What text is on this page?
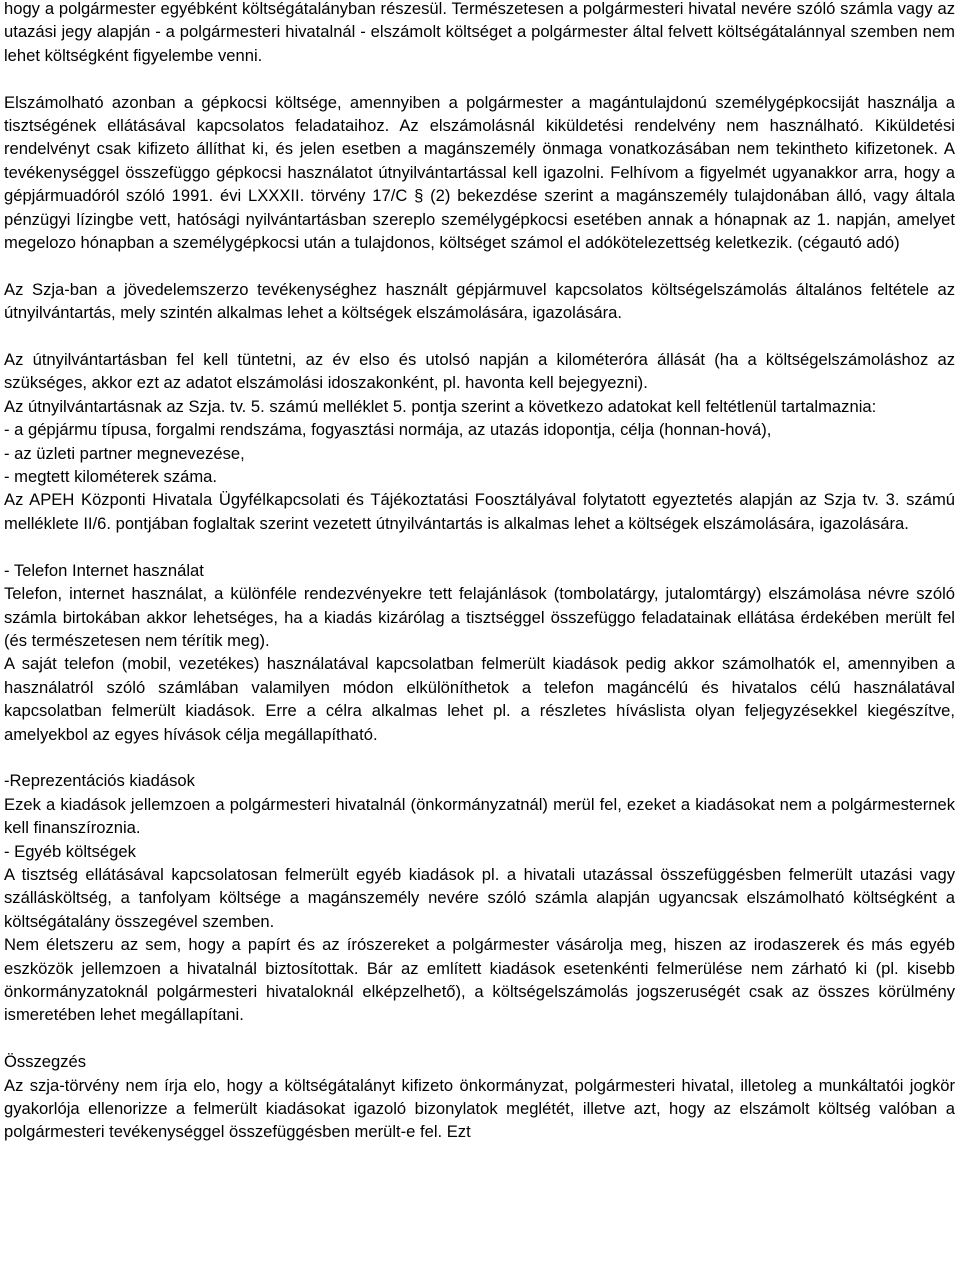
hogy a polgármester egyébként költségátalányban részesül. Természetesen a polgármesteri hivatal nevére szóló számla vagy az utazási jegy alapján - a polgármesteri hivatalnál - elszámolt költséget a polgármester által felvett költségátalánnyal szemben nem lehet költségként figyelembe venni.

Elszámolható azonban a gépkocsi költsége, amennyiben a polgármester a magántulajdonú személygépkocsiját használja a tisztségének ellátásával kapcsolatos feladataihoz. Az elszámolásnál kiküldetési rendelvény nem használható. Kiküldetési rendelvényt csak kifizeto állíthat ki, és jelen esetben a magánszemély önmaga vonatkozásában nem tekintheto kifizetonek. A tevékenységgel összefüggo gépkocsi használatot útnyilvántartással kell igazolni. Felhívom a figyelmét ugyanakkor arra, hogy a gépjármuadóról szóló 1991. évi LXXXII. törvény 17/C § (2) bekezdése szerint a magánszemély tulajdonában álló, vagy általa pénzügyi lízingbe vett, hatósági nyilvántartásban szereplo személygépkocsi esetében annak a hónapnak az 1. napján, amelyet megelozo hónapban a személygépkocsi után a tulajdonos, költséget számol el adókötelezettség keletkezik. (cégautó adó)

Az Szja-ban a jövedelemszerzo tevékenységhez használt gépjármuvel kapcsolatos költségelszámolás általános feltétele az útnyilvántartás, mely szintén alkalmas lehet a költségek elszámolására, igazolására.

Az útnyilvántartásban fel kell tüntetni, az év elso és utolsó napján a kilométeróra állását (ha a költségelszámoláshoz az szükséges, akkor ezt az adatot elszámolási idoszakonként, pl. havonta kell bejegyezni).

Az útnyilvántartásnak az Szja. tv. 5. számú melléklet 5. pontja szerint a következo adatokat kell feltétlenül tartalmaznia:

- a gépjármu típusa, forgalmi rendszáma, fogyasztási normája, az utazás idopontja, célja (honnan-hová),

- az üzleti partner megnevezése,

- megtett kilométerek száma.

Az APEH Központi Hivatala Ügyfélkapcsolati és Tájékoztatási Foosztályával folytatott egyeztetés alapján az Szja tv. 3. számú melléklete II/6. pontjában foglaltak szerint vezetett útnyilvántartás is alkalmas lehet a költségek elszámolására, igazolására.

- Telefon Internet használat

Telefon, internet használat, a különféle rendezvényekre tett felajánlások (tombolatárgy, jutalomtárgy) elszámolása névre szóló számla birtokában akkor lehetséges, ha a kiadás kizárólag a tisztséggel összefüggo feladatainak ellátása érdekében merült fel (és természetesen nem térítik meg).

A saját telefon (mobil, vezetékes) használatával kapcsolatban felmerült kiadások pedig akkor számolhatók el, amennyiben a használatról szóló számlában valamilyen módon elkülöníthetok a telefon magáncélú és hivatalos célú használatával kapcsolatban felmerült kiadások. Erre a célra alkalmas lehet pl. a részletes híváslista olyan feljegyzésekkel kiegészítve, amelyekbol az egyes hívások célja megállapítható.

-Reprezentációs kiadások

Ezek a kiadások jellemzoen a polgármesteri hivatalnál (önkormányzatnál) merül fel, ezeket a kiadásokat nem a polgármesternek kell finanszíroznia.

- Egyéb költségek

A tisztség ellátásával kapcsolatosan felmerült egyéb kiadások pl. a hivatali utazással összefüggésben felmerült utazási vagy szállásköltség, a tanfolyam költsége a magánszemély nevére szóló számla alapján ugyancsak elszámolható költségként a költségátalány összegével szemben.

Nem életszeru az sem, hogy a papírt és az írószereket a polgármester vásárolja meg, hiszen az irodaszerek és más egyéb eszközök jellemzoen a hivatalnál biztosítottak. Bár az említett kiadások esetenkénti felmerülése nem zárható ki (pl. kisebb önkormányzatoknál polgármesteri hivataloknál elképzelhető), a költségelszámolás jogszeruségét csak az összes körülmény ismeretében lehet megállapítani.

Összegzés

Az szja-törvény nem írja elo, hogy a költségátalányt kifizeto önkormányzat, polgármesteri hivatal, illetoleg a munkáltatói jogkör gyakorlója ellenorizze a felmerült kiadásokat igazoló bizonylatok meglétét, illetve azt, hogy az elszámolt költség valóban a polgármesteri tevékenységgel összefüggésben merült-e fel. Ezt
